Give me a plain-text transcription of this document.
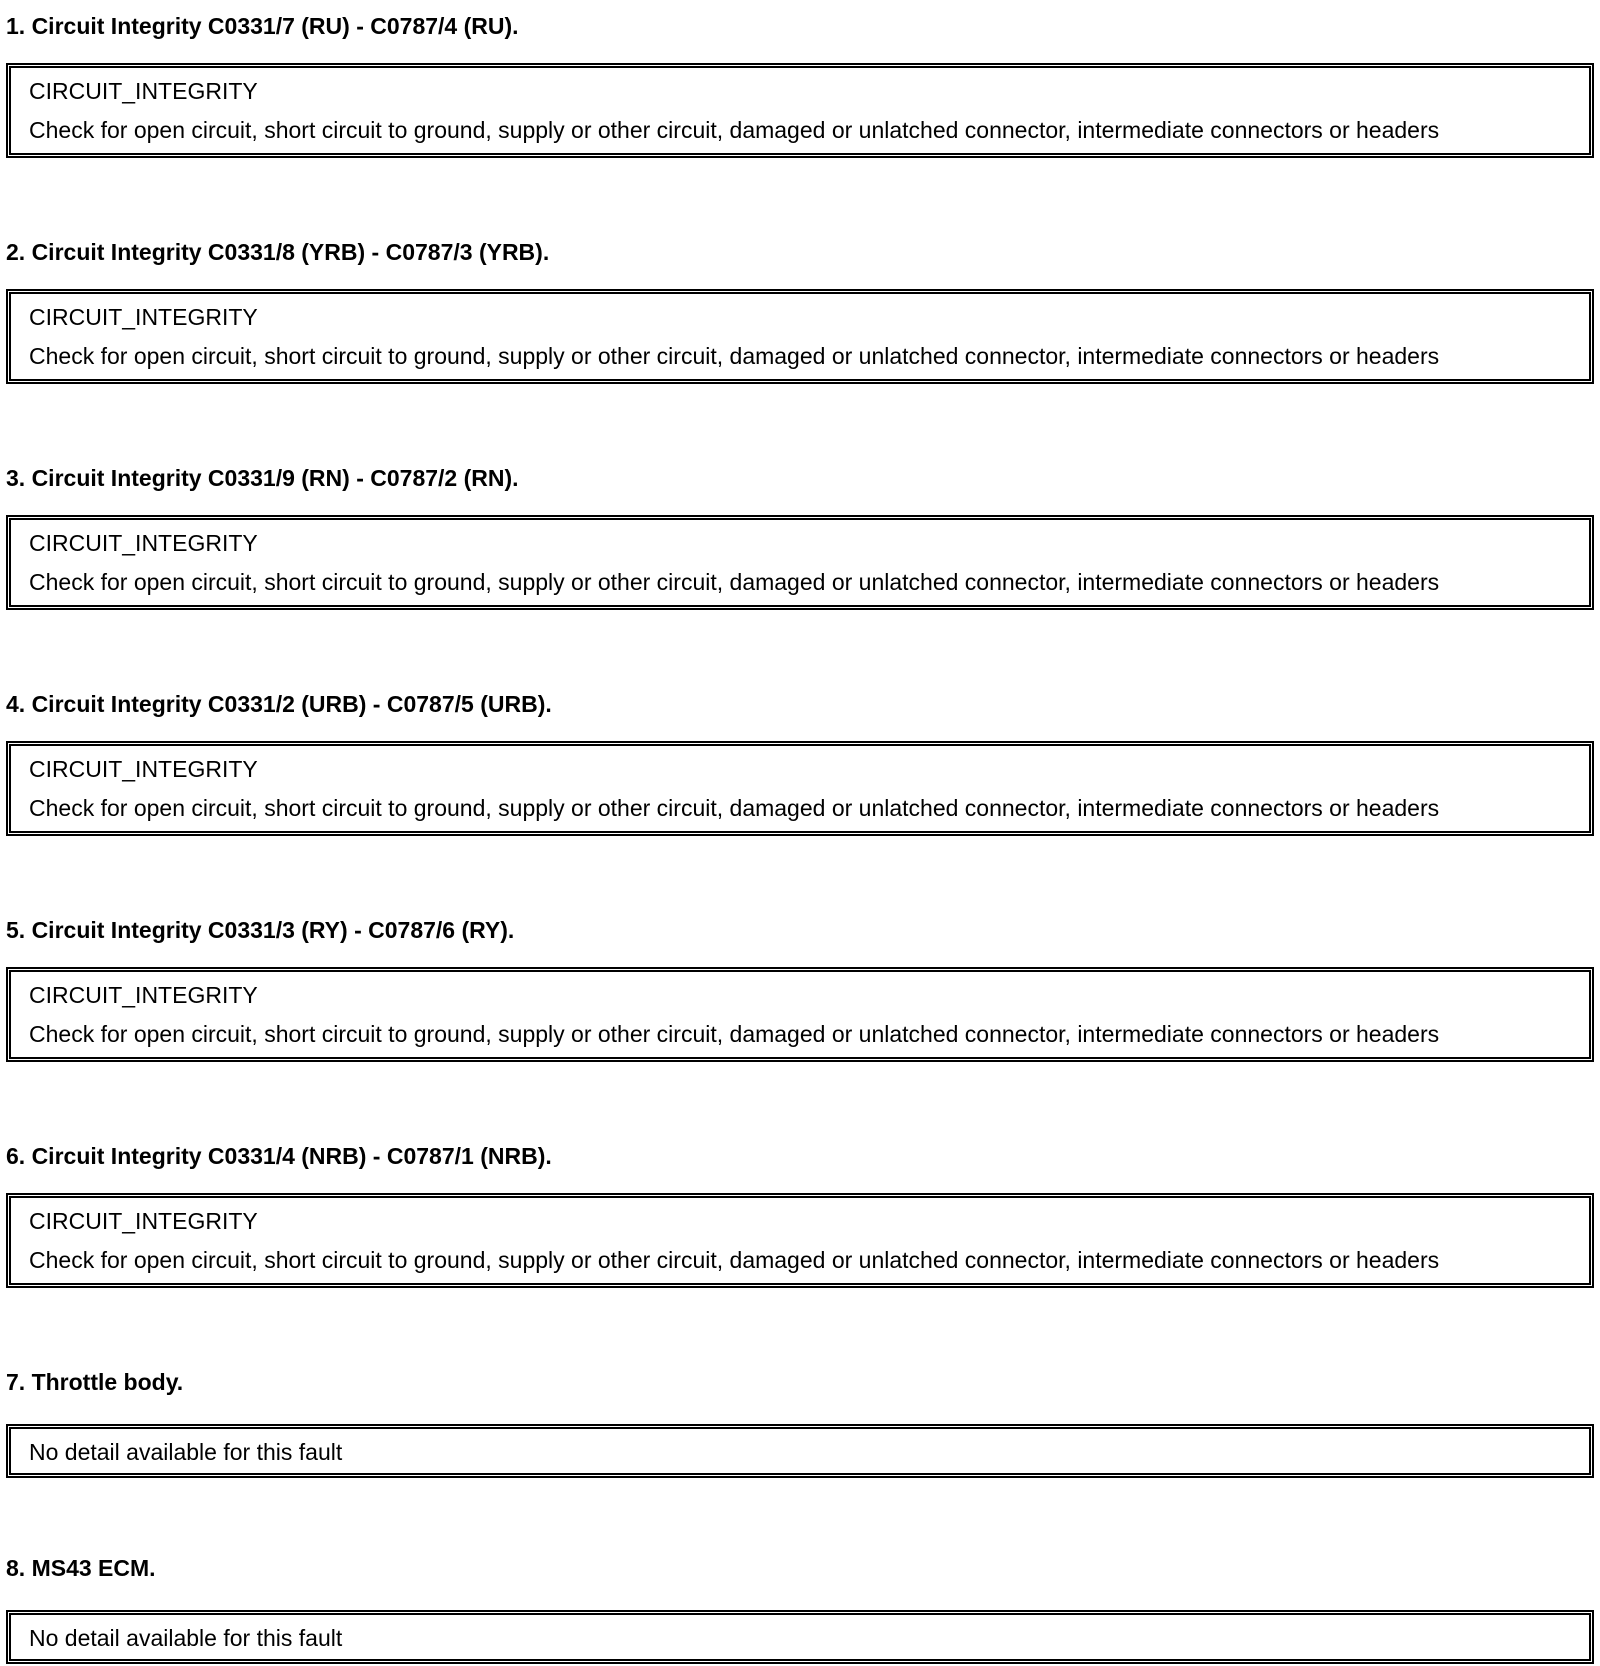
1. Circuit Integrity C0331/7 (RU) - C0787/4 (RU).
CIRCUIT_INTEGRITY
Check for open circuit, short circuit to ground, supply or other circuit, damaged or unlatched connector, intermediate connectors or headers
2. Circuit Integrity C0331/8 (YRB) - C0787/3 (YRB).
CIRCUIT_INTEGRITY
Check for open circuit, short circuit to ground, supply or other circuit, damaged or unlatched connector, intermediate connectors or headers
3. Circuit Integrity C0331/9 (RN) - C0787/2 (RN).
CIRCUIT_INTEGRITY
Check for open circuit, short circuit to ground, supply or other circuit, damaged or unlatched connector, intermediate connectors or headers
4. Circuit Integrity C0331/2 (URB) - C0787/5 (URB).
CIRCUIT_INTEGRITY
Check for open circuit, short circuit to ground, supply or other circuit, damaged or unlatched connector, intermediate connectors or headers
5. Circuit Integrity C0331/3 (RY) - C0787/6 (RY).
CIRCUIT_INTEGRITY
Check for open circuit, short circuit to ground, supply or other circuit, damaged or unlatched connector, intermediate connectors or headers
6. Circuit Integrity C0331/4 (NRB) - C0787/1 (NRB).
CIRCUIT_INTEGRITY
Check for open circuit, short circuit to ground, supply or other circuit, damaged or unlatched connector, intermediate connectors or headers
7. Throttle body.
No detail available for this fault
8. MS43 ECM.
No detail available for this fault
